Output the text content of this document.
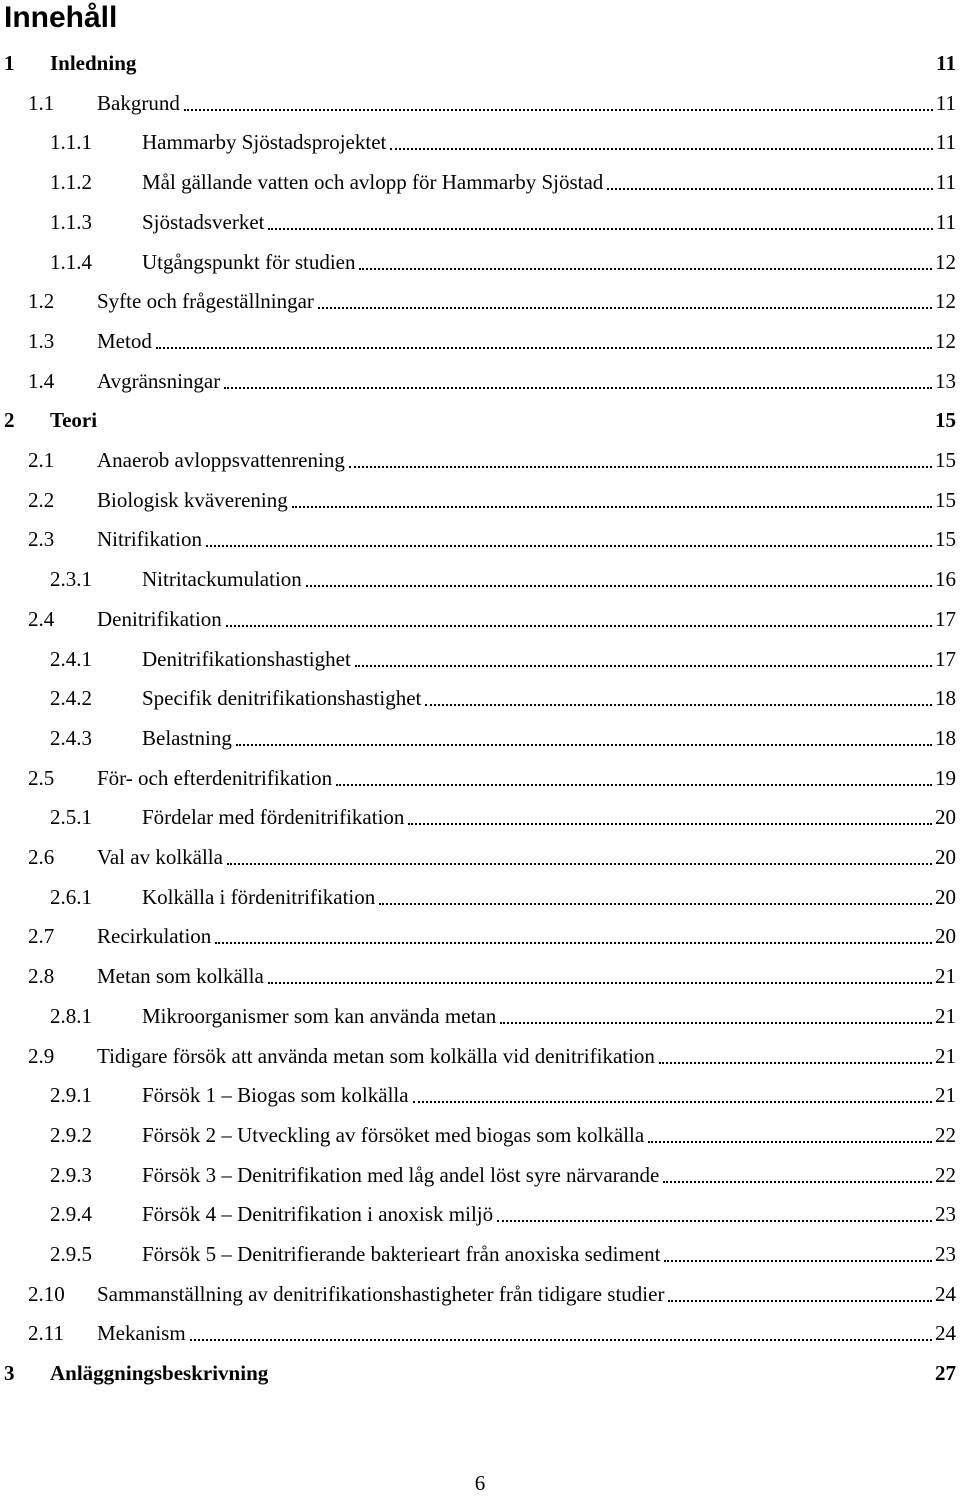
Innehåll
1 Inledning	11
1.1 Bakgrund	11
1.1.1 Hammarby Sjöstadsprojektet	11
1.1.2 Mål gällande vatten och avlopp för Hammarby Sjöstad	11
1.1.3 Sjöstadsverket	11
1.1.4 Utgångspunkt för studien	12
1.2 Syfte och frågeställningar	12
1.3 Metod	12
1.4 Avgränsningar	13
2 Teori	15
2.1 Anaerob avloppsvattenrening	15
2.2 Biologisk kväverening	15
2.3 Nitrifikation	15
2.3.1 Nitritackumulation	16
2.4 Denitrifikation	17
2.4.1 Denitrifikationshastighet	17
2.4.2 Specifik denitrifikationshastighet	18
2.4.3 Belastning	18
2.5 För- och efterdenitrifikation	19
2.5.1 Fördelar med fördenitrifikation	20
2.6 Val av kolkälla	20
2.6.1 Kolkälla i fördenitrifikation	20
2.7 Recirkulation	20
2.8 Metan som kolkälla	21
2.8.1 Mikroorganismer som kan använda metan	21
2.9 Tidigare försök att använda metan som kolkälla vid denitrifikation	21
2.9.1 Försök 1 – Biogas som kolkälla	21
2.9.2 Försök 2 – Utveckling av försöket med biogas som kolkälla	22
2.9.3 Försök 3 – Denitrifikation med låg andel löst syre närvarande	22
2.9.4 Försök 4 – Denitrifikation i anoxisk miljö	23
2.9.5 Försök 5 – Denitrifierande bakterieart från anoxiska sediment	23
2.10 Sammanställning av denitrifikationshastigheter från tidigare studier	24
2.11 Mekanism	24
3 Anläggningsbeskrivning	27
6
